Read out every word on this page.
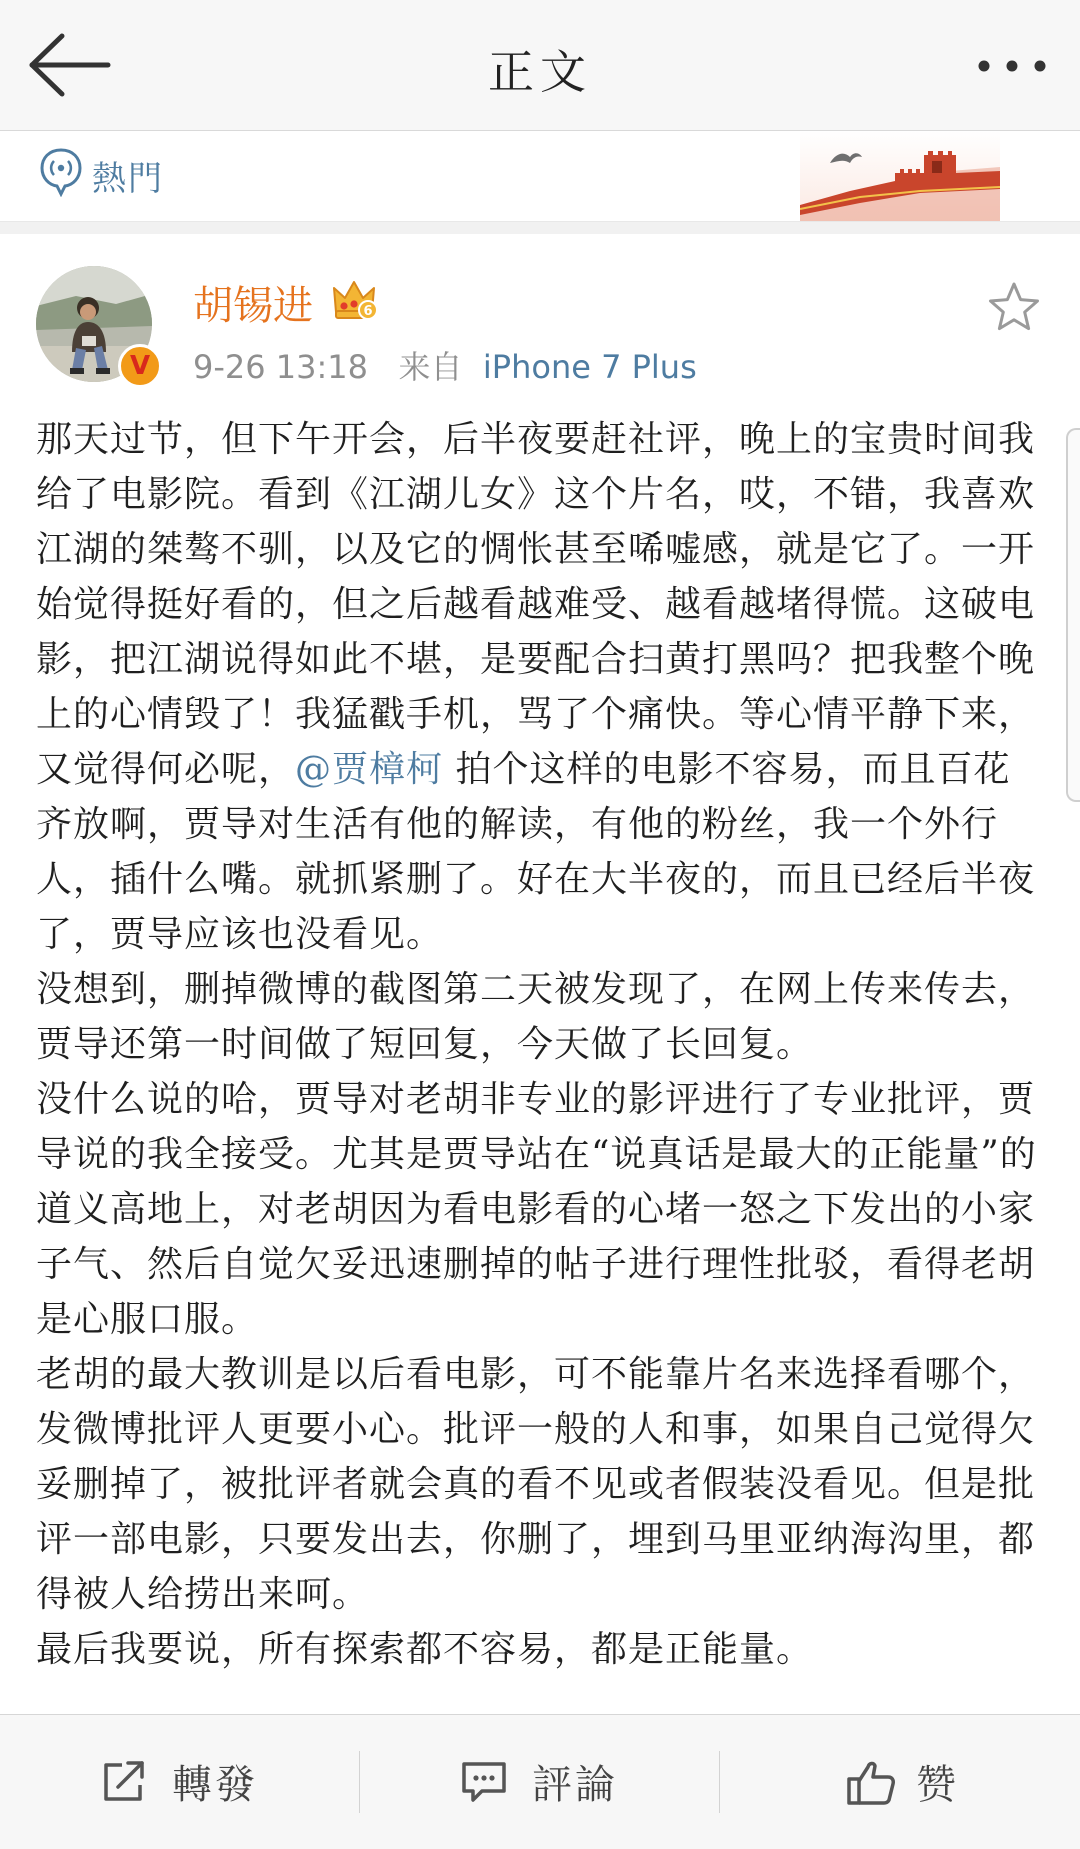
正文
熱門
V
胡锡进	6
9-26 13:18 来自 iPhone 7 Plus

那天过节，但下午开会，后半夜要赶社评，晚上的宝贵时间我给了电影院。看到《江湖儿女》这个片名，哎，不错，我喜欢江湖的桀骜不驯，以及它的惆怅甚至唏嘘感，就是它了。一开始觉得挺好看的，但之后越看越难受、越看越堵得慌。这破电影，把江湖说得如此不堪，是要配合扫黄打黑吗？把我整个晚上的心情毁了！我猛戳手机，骂了个痛快。等心情平静下来，又觉得何必呢，@贾樟柯 拍个这样的电影不容易，而且百花齐放啊，贾导对生活有他的解读，有他的粉丝，我一个外行人，插什么嘴。就抓紧删了。好在大半夜的，而且已经后半夜了，贾导应该也没看见。

没想到，删掉微博的截图第二天被发现了，在网上传来传去，贾导还第一时间做了短回复，今天做了长回复。

没什么说的哈，贾导对老胡非专业的影评进行了专业批评，贾导说的我全接受。尤其是贾导站在“说真话是最大的正能量”的道义高地上，对老胡因为看电影看的心堵一怒之下发出的小家子气、然后自觉欠妥迅速删掉的帖子进行理性批驳，看得老胡是心服口服。

老胡的最大教训是以后看电影，可不能靠片名来选择看哪个，发微博批评人更要小心。批评一般的人和事，如果自己觉得欠妥删掉了，被批评者就会真的看不见或者假装没看见。但是批评一部电影，只要发出去，你删了，埋到马里亚纳海沟里，都得被人给捞出来呵。

最后我要说，所有探索都不容易，都是正能量。

轉發	評論	赞
